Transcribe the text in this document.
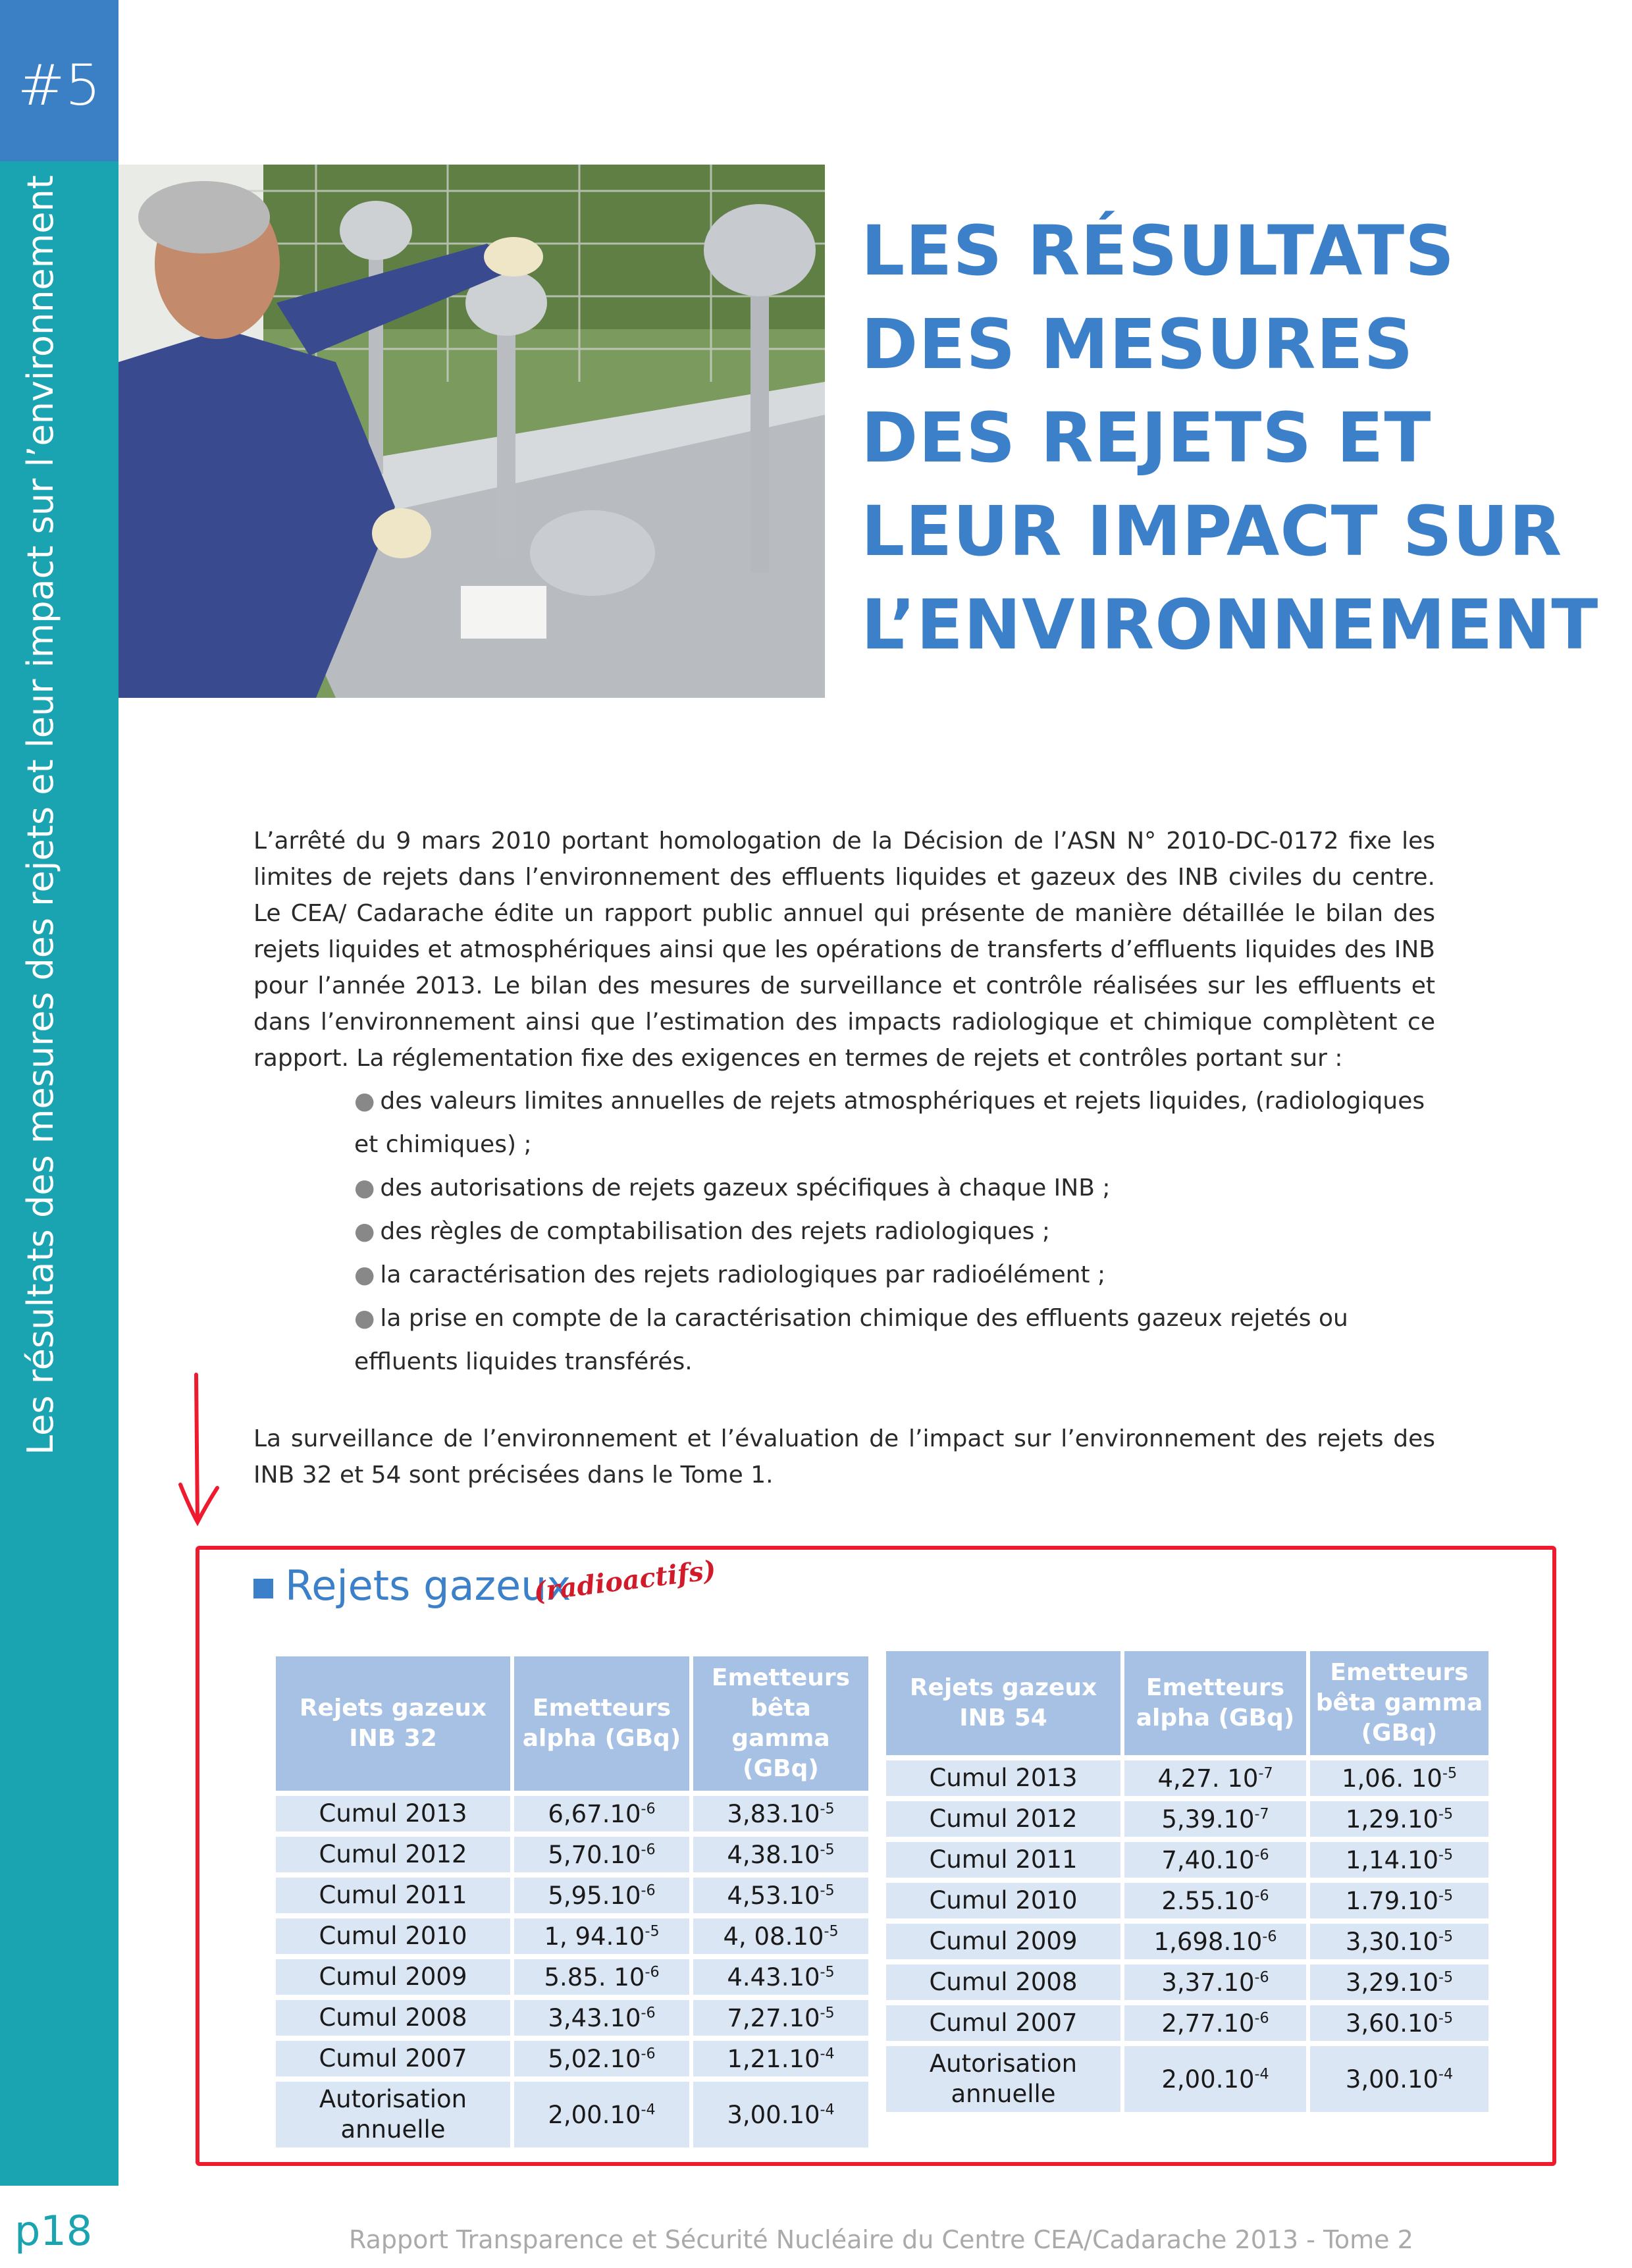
#5
Les résultats des mesures des rejets et leur impact sur l’environnement	LES RÉSULTATS
DES MESURES
DES REJETS ET
LEUR IMPACT SUR
L’ENVIRONNEMENT
L’arrêté du 9 mars 2010 portant homologation de la Décision de l’ASN N° 2010-DC-0172 fixe les limites de rejets dans l’environnement des effluents liquides et gazeux des INB civiles du centre. Le CEA/ Cadarache édite un rapport public annuel qui présente de manière détaillée le bilan des rejets liquides et atmosphériques ainsi que les opérations de transferts d’effluents liquides des INB pour l’année 2013. Le bilan des mesures de surveillance et contrôle réalisées sur les effluents et dans l’environnement ainsi que l’estimation des impacts radiologique et chimique complètent ce rapport. La réglementation fixe des exigences en termes de rejets et contrôles portant sur :
● des valeurs limites annuelles de rejets atmosphériques et rejets liquides, (radiologiques et chimiques) ;
● des autorisations de rejets gazeux spécifiques à chaque INB ;
● des règles de comptabilisation des rejets radiologiques ;
● la caractérisation des rejets radiologiques par radioélément ;
● la prise en compte de la caractérisation chimique des effluents gazeux rejetés ou effluents liquides transférés.
La surveillance de l’environnement et l’évaluation de l’impact sur l’environnement des rejets des INB 32 et 54 sont précisées dans le Tome 1.
Rejets gazeux
(radioactifs)
Rejets gazeux INB 32	Emetteurs alpha (GBq)	Emetteurs bêta gamma (GBq)
Cumul 2013	$6,67.10^{-6}$	$3,83.10^{-5}$
Cumul 2012	$5,70.10^{-6}$	$4,38.10^{-5}$
Cumul 2011	$5,95.10^{-6}$	$4,53.10^{-5}$
Cumul 2010	1, $94.10^{-5}$	4, $08.10^{-5}$
Cumul 2009	5.85. $10^{-6}$	$4.43.10^{-5}$
Cumul 2008	$3,43.10^{-6}$	$7,27.10^{-5}$
Cumul 2007	$5,02.10^{-6}$	$1,21.10^{-4}$
Autorisation annuelle	$2,00.10^{-4}$	$3,00.10^{-4}$
Rejets gazeux INB 54	Emetteurs alpha (GBq)	Emetteurs bêta gamma (GBq)
Cumul 2013	4,27. $10^{-7}$	1,06. $10^{-5}$
Cumul 2012	$5,39.10^{-7}$	$1,29.10^{-5}$
Cumul 2011	$7,40.10^{-6}$	$1,14.10^{-5}$
Cumul 2010	$2.55.10^{-6}$	$1.79.10^{-5}$
Cumul 2009	$1,698.10^{-6}$	$3,30.10^{-5}$
Cumul 2008	$3,37.10^{-6}$	$3,29.10^{-5}$
Cumul 2007	$2,77.10^{-6}$	$3,60.10^{-5}$
Autorisation annuelle	$2,00.10^{-4}$	$3,00.10^{-4}$
p18	Rapport Transparence et Sécurité Nucléaire du Centre CEA/Cadarache 2013 - Tome 2
